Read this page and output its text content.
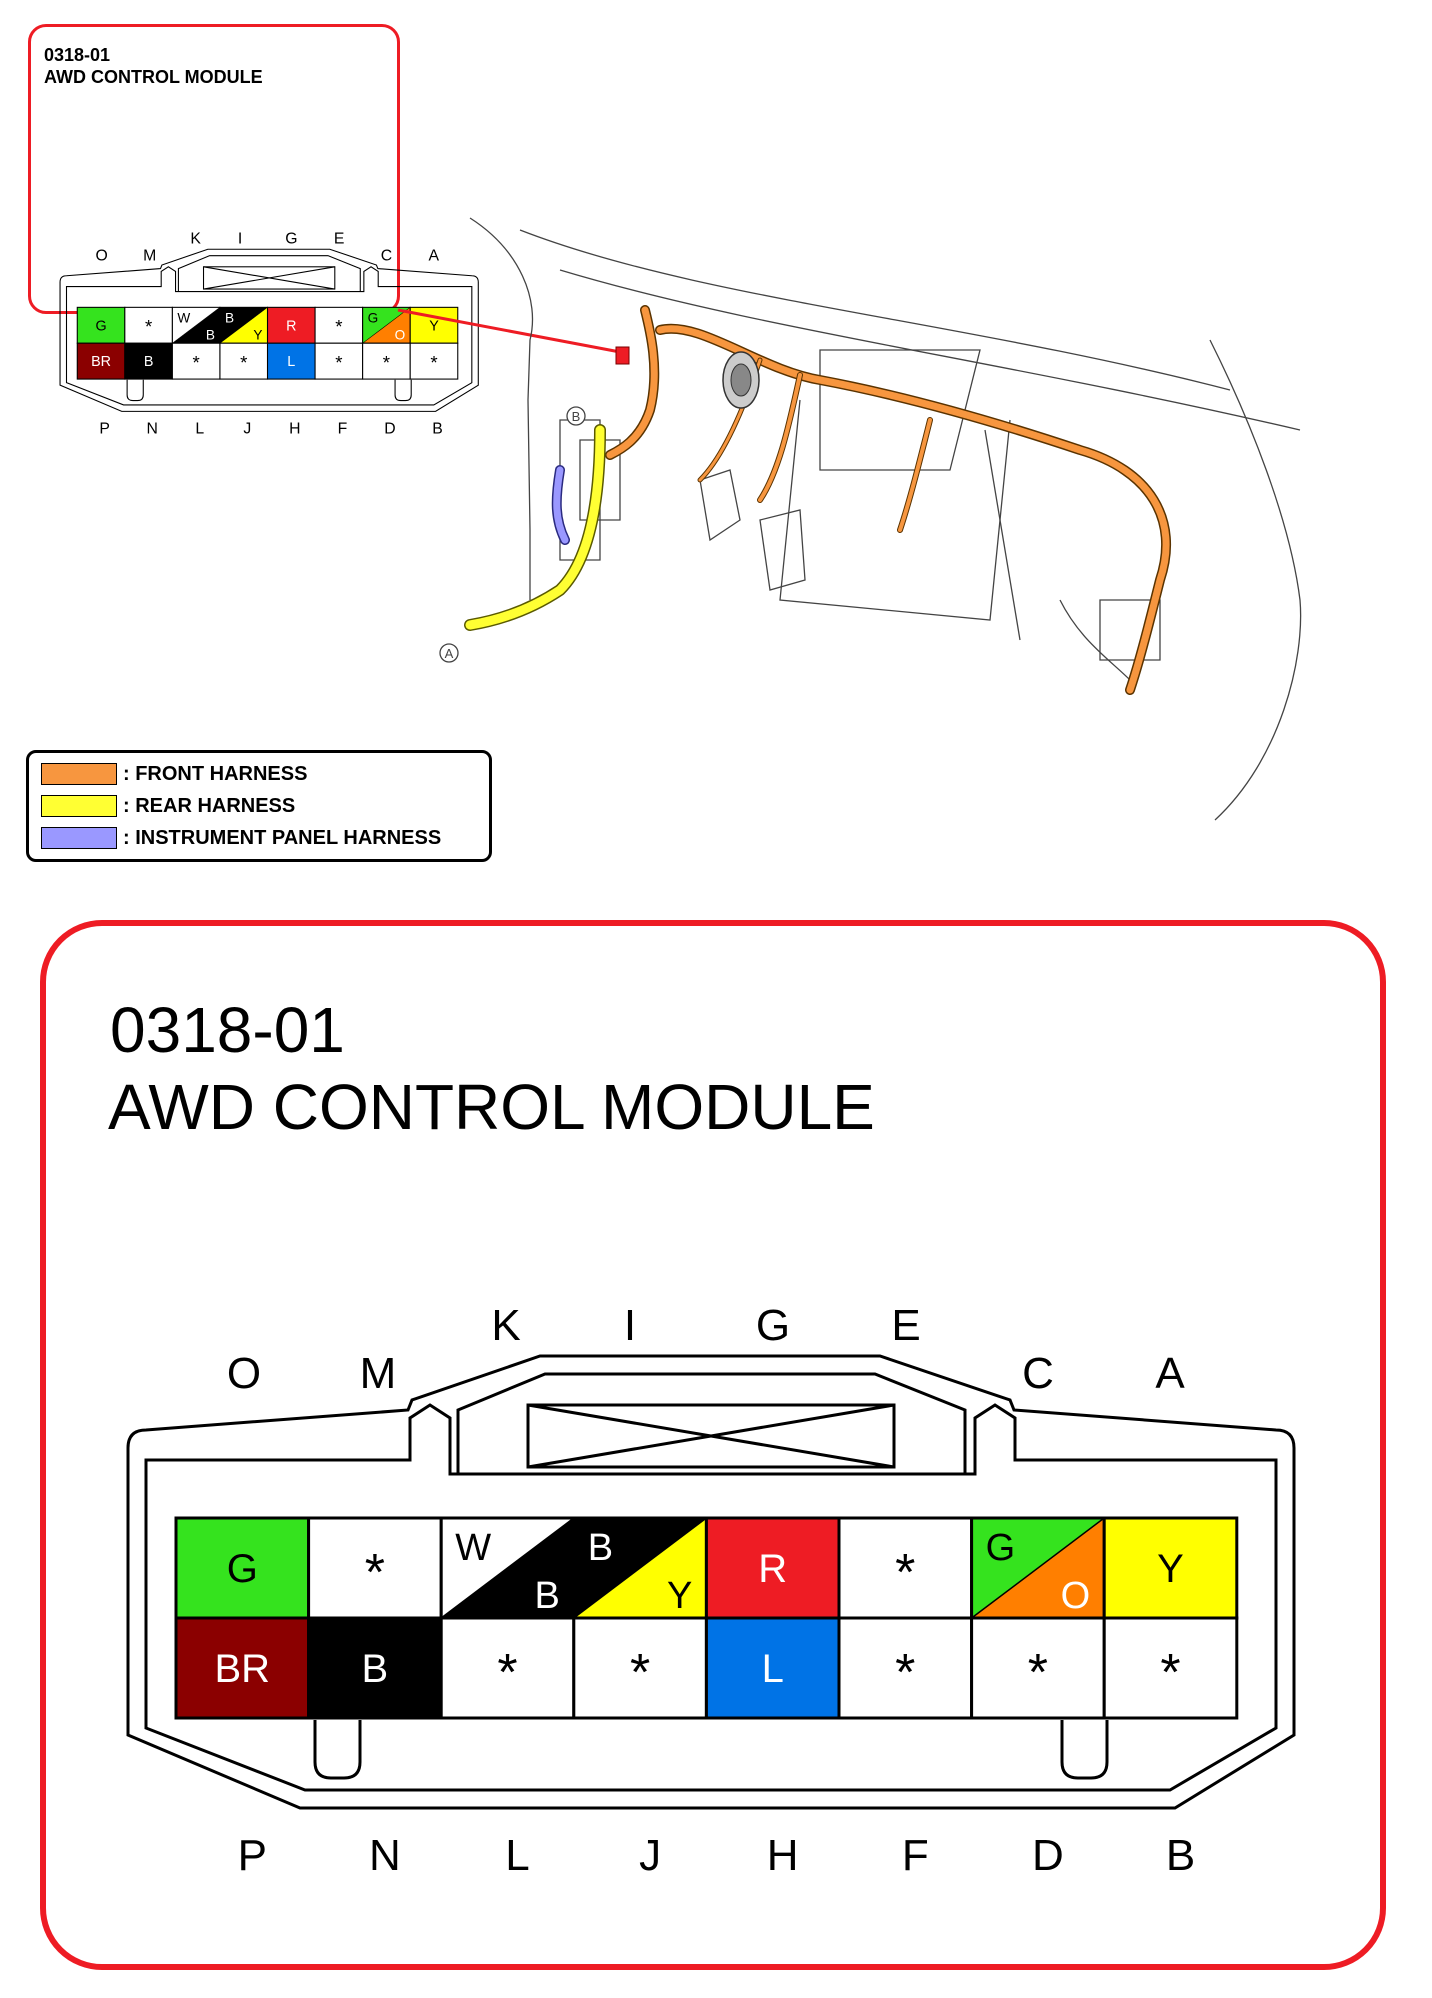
0318-01
AWD CONTROL MODULE
G * W
B
B
Y
R * G
O
Y
BR B * * L * * *
O M
K I G E
C A
P N L J H F D B
A
B
: FRONT HARNESS
: REAR HARNESS
: INSTRUMENT PANEL HARNESS
0318-01
AWD CONTROL MODULE
G * W
B
B
Y
R * G
O
Y
BR B * *	L * * *
O M
K I	G E
C A
P N L J H F D B
